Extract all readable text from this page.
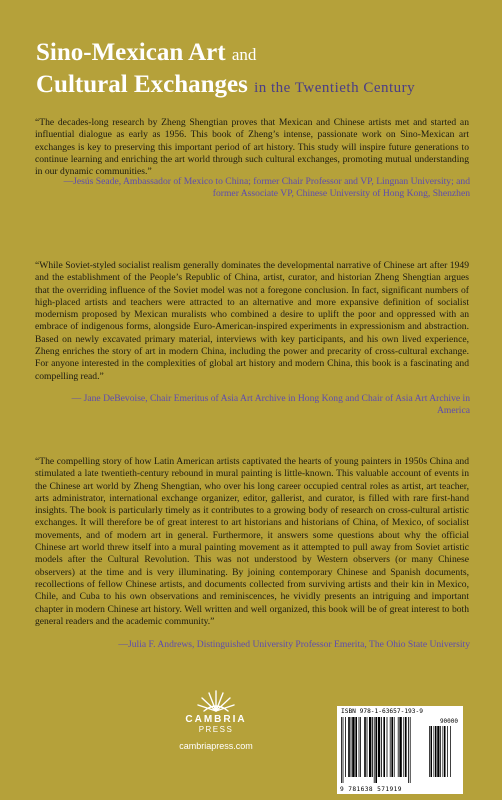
Sino-Mexican Art and
Cultural Exchanges in the Twentieth Century
“The decades-long research by Zheng Shengtian proves that Mexican and Chinese artists met and started an influential dialogue as early as 1956. This book of Zheng’s intense, passionate work on Sino-Mexican art exchanges is key to preserving this important period of art history. This study will inspire future generations to continue learning and enriching the art world through such cultural exchanges, promoting mutual understanding in our dynamic communities.”
—Jesús Seade, Ambassador of Mexico to China; former Chair Professor and VP, Lingnan University; and former Associate VP, Chinese University of Hong Kong, Shenzhen
“While Soviet-styled socialist realism generally dominates the developmental narrative of Chinese art after 1949 and the establishment of the People’s Republic of China, artist, curator, and historian Zheng Shengtian argues that the overriding influence of the Soviet model was not a foregone conclusion. In fact, significant numbers of high-placed artists and teachers were attracted to an alternative and more expansive definition of socialist modernism proposed by Mexican muralists who combined a desire to uplift the poor and oppressed with an embrace of indigenous forms, alongside Euro-American-inspired experiments in expressionism and abstraction. Based on newly excavated primary material, interviews with key participants, and his own lived experience, Zheng enriches the story of art in modern China, including the power and precarity of cross-cultural exchange. For anyone interested in the complexities of global art history and modern China, this book is a fascinating and compelling read.”
— Jane DeBevoise, Chair Emeritus of Asia Art Archive in Hong Kong and Chair of Asia Art Archive in America
“The compelling story of how Latin American artists captivated the hearts of young painters in 1950s China and stimulated a late twentieth-century rebound in mural painting is little-known. This valuable account of events in the Chinese art world by Zheng Shengtian, who over his long career occupied central roles as artist, art teacher, arts administrator, international exchange organizer, editor, gallerist, and curator, is filled with rare first-hand insights. The book is particularly timely as it contributes to a growing body of research on cross-cultural artistic exchanges. It will therefore be of great interest to art historians and historians of China, of Mexico, of socialist movements, and of modern art in general. Furthermore, it answers some questions about why the official Chinese art world threw itself into a mural painting movement as it attempted to pull away from Soviet artistic models after the Cultural Revolution. This was not understood by Western observers (or many Chinese observers) at the time and is very illuminating. By joining contemporary Chinese and Spanish documents, recollections of fellow Chinese artists, and documents collected from surviving artists and their kin in Mexico, Chile, and Cuba to his own observations and reminiscences, he vividly presents an intriguing and important chapter in modern Chinese art history. Well written and well organized, this book will be of great interest to both general readers and the academic community.”
—Julia F. Andrews, Distinguished University Professor Emerita, The Ohio State University
CAMBRIA
PRESS
cambriapress.com
ISBN 978-1-63657-193-9
90000
9 781638 571919
